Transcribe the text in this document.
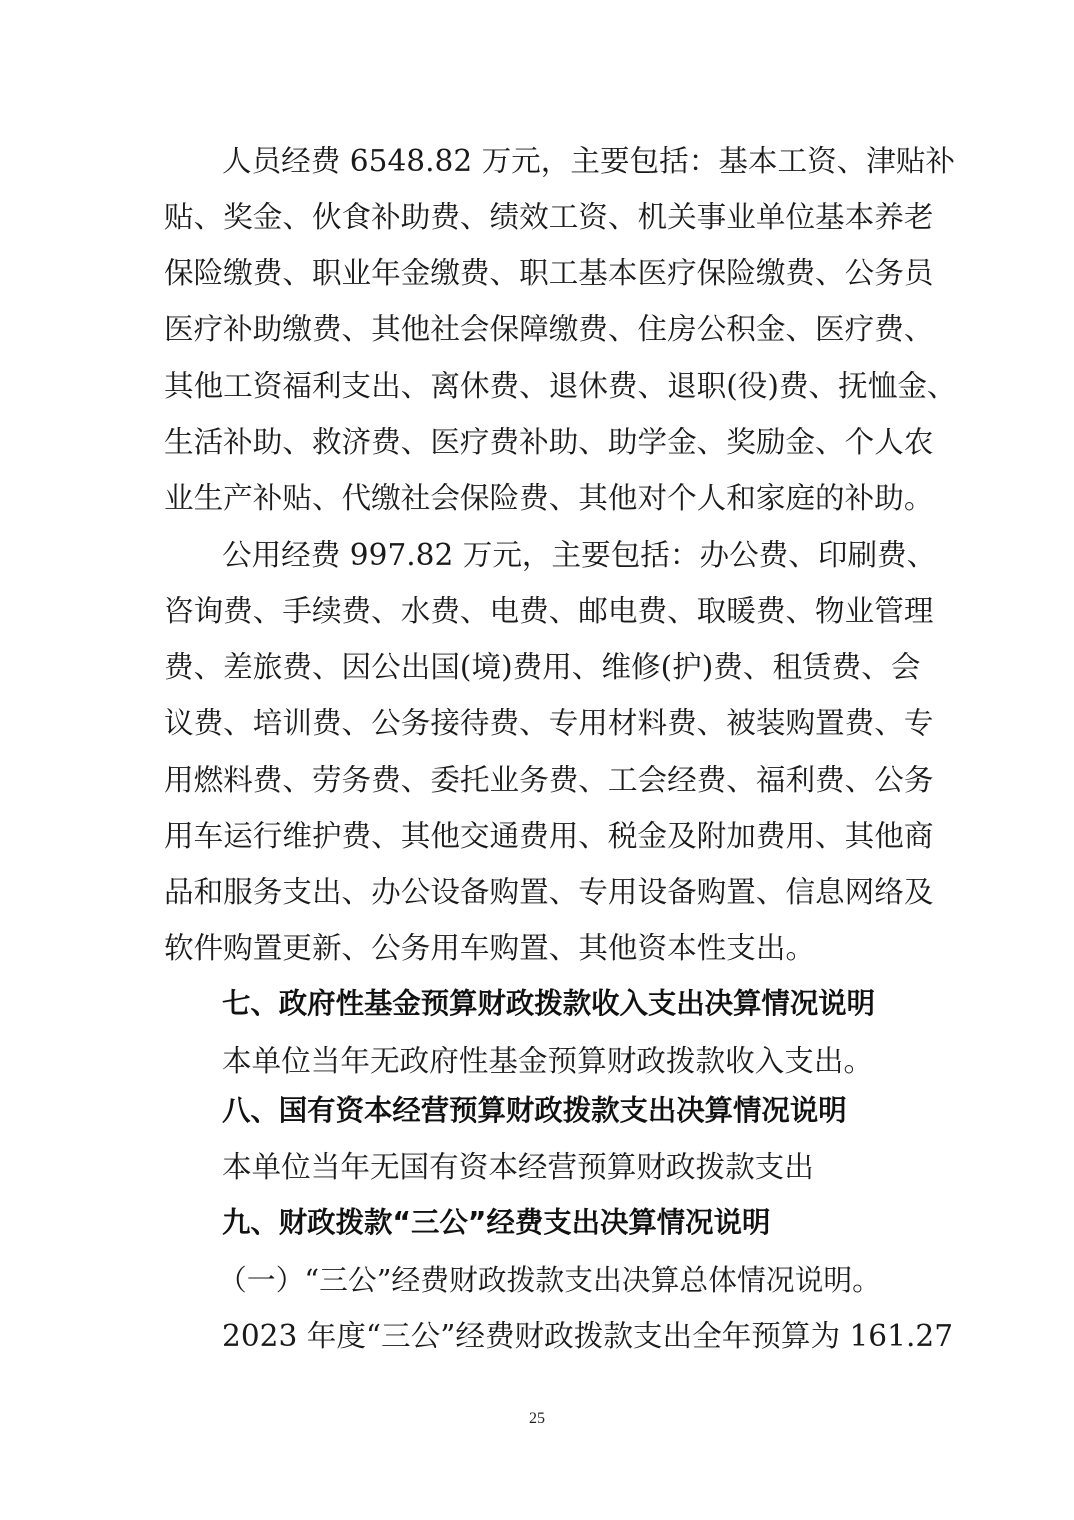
人员经费 6548.82 万元，主要包括：基本工资、津贴补
贴、奖金、伙食补助费、绩效工资、机关事业单位基本养老
保险缴费、职业年金缴费、职工基本医疗保险缴费、公务员
医疗补助缴费、其他社会保障缴费、住房公积金、医疗费、
其他工资福利支出、离休费、退休费、退职(役)费、抚恤金、
生活补助、救济费、医疗费补助、助学金、奖励金、个人农
业生产补贴、代缴社会保险费、其他对个人和家庭的补助。
公用经费 997.82 万元，主要包括：办公费、印刷费、
咨询费、手续费、水费、电费、邮电费、取暖费、物业管理
费、差旅费、因公出国(境)费用、维修(护)费、租赁费、会
议费、培训费、公务接待费、专用材料费、被装购置费、专
用燃料费、劳务费、委托业务费、工会经费、福利费、公务
用车运行维护费、其他交通费用、税金及附加费用、其他商
品和服务支出、办公设备购置、专用设备购置、信息网络及
软件购置更新、公务用车购置、其他资本性支出。
七、政府性基金预算财政拨款收入支出决算情况说明
本单位当年无政府性基金预算财政拨款收入支出。
八、国有资本经营预算财政拨款支出决算情况说明
本单位当年无国有资本经营预算财政拨款支出
九、财政拨款“三公”经费支出决算情况说明
（一）“三公”经费财政拨款支出决算总体情况说明。
2023 年度“三公”经费财政拨款支出全年预算为 161.27
25
